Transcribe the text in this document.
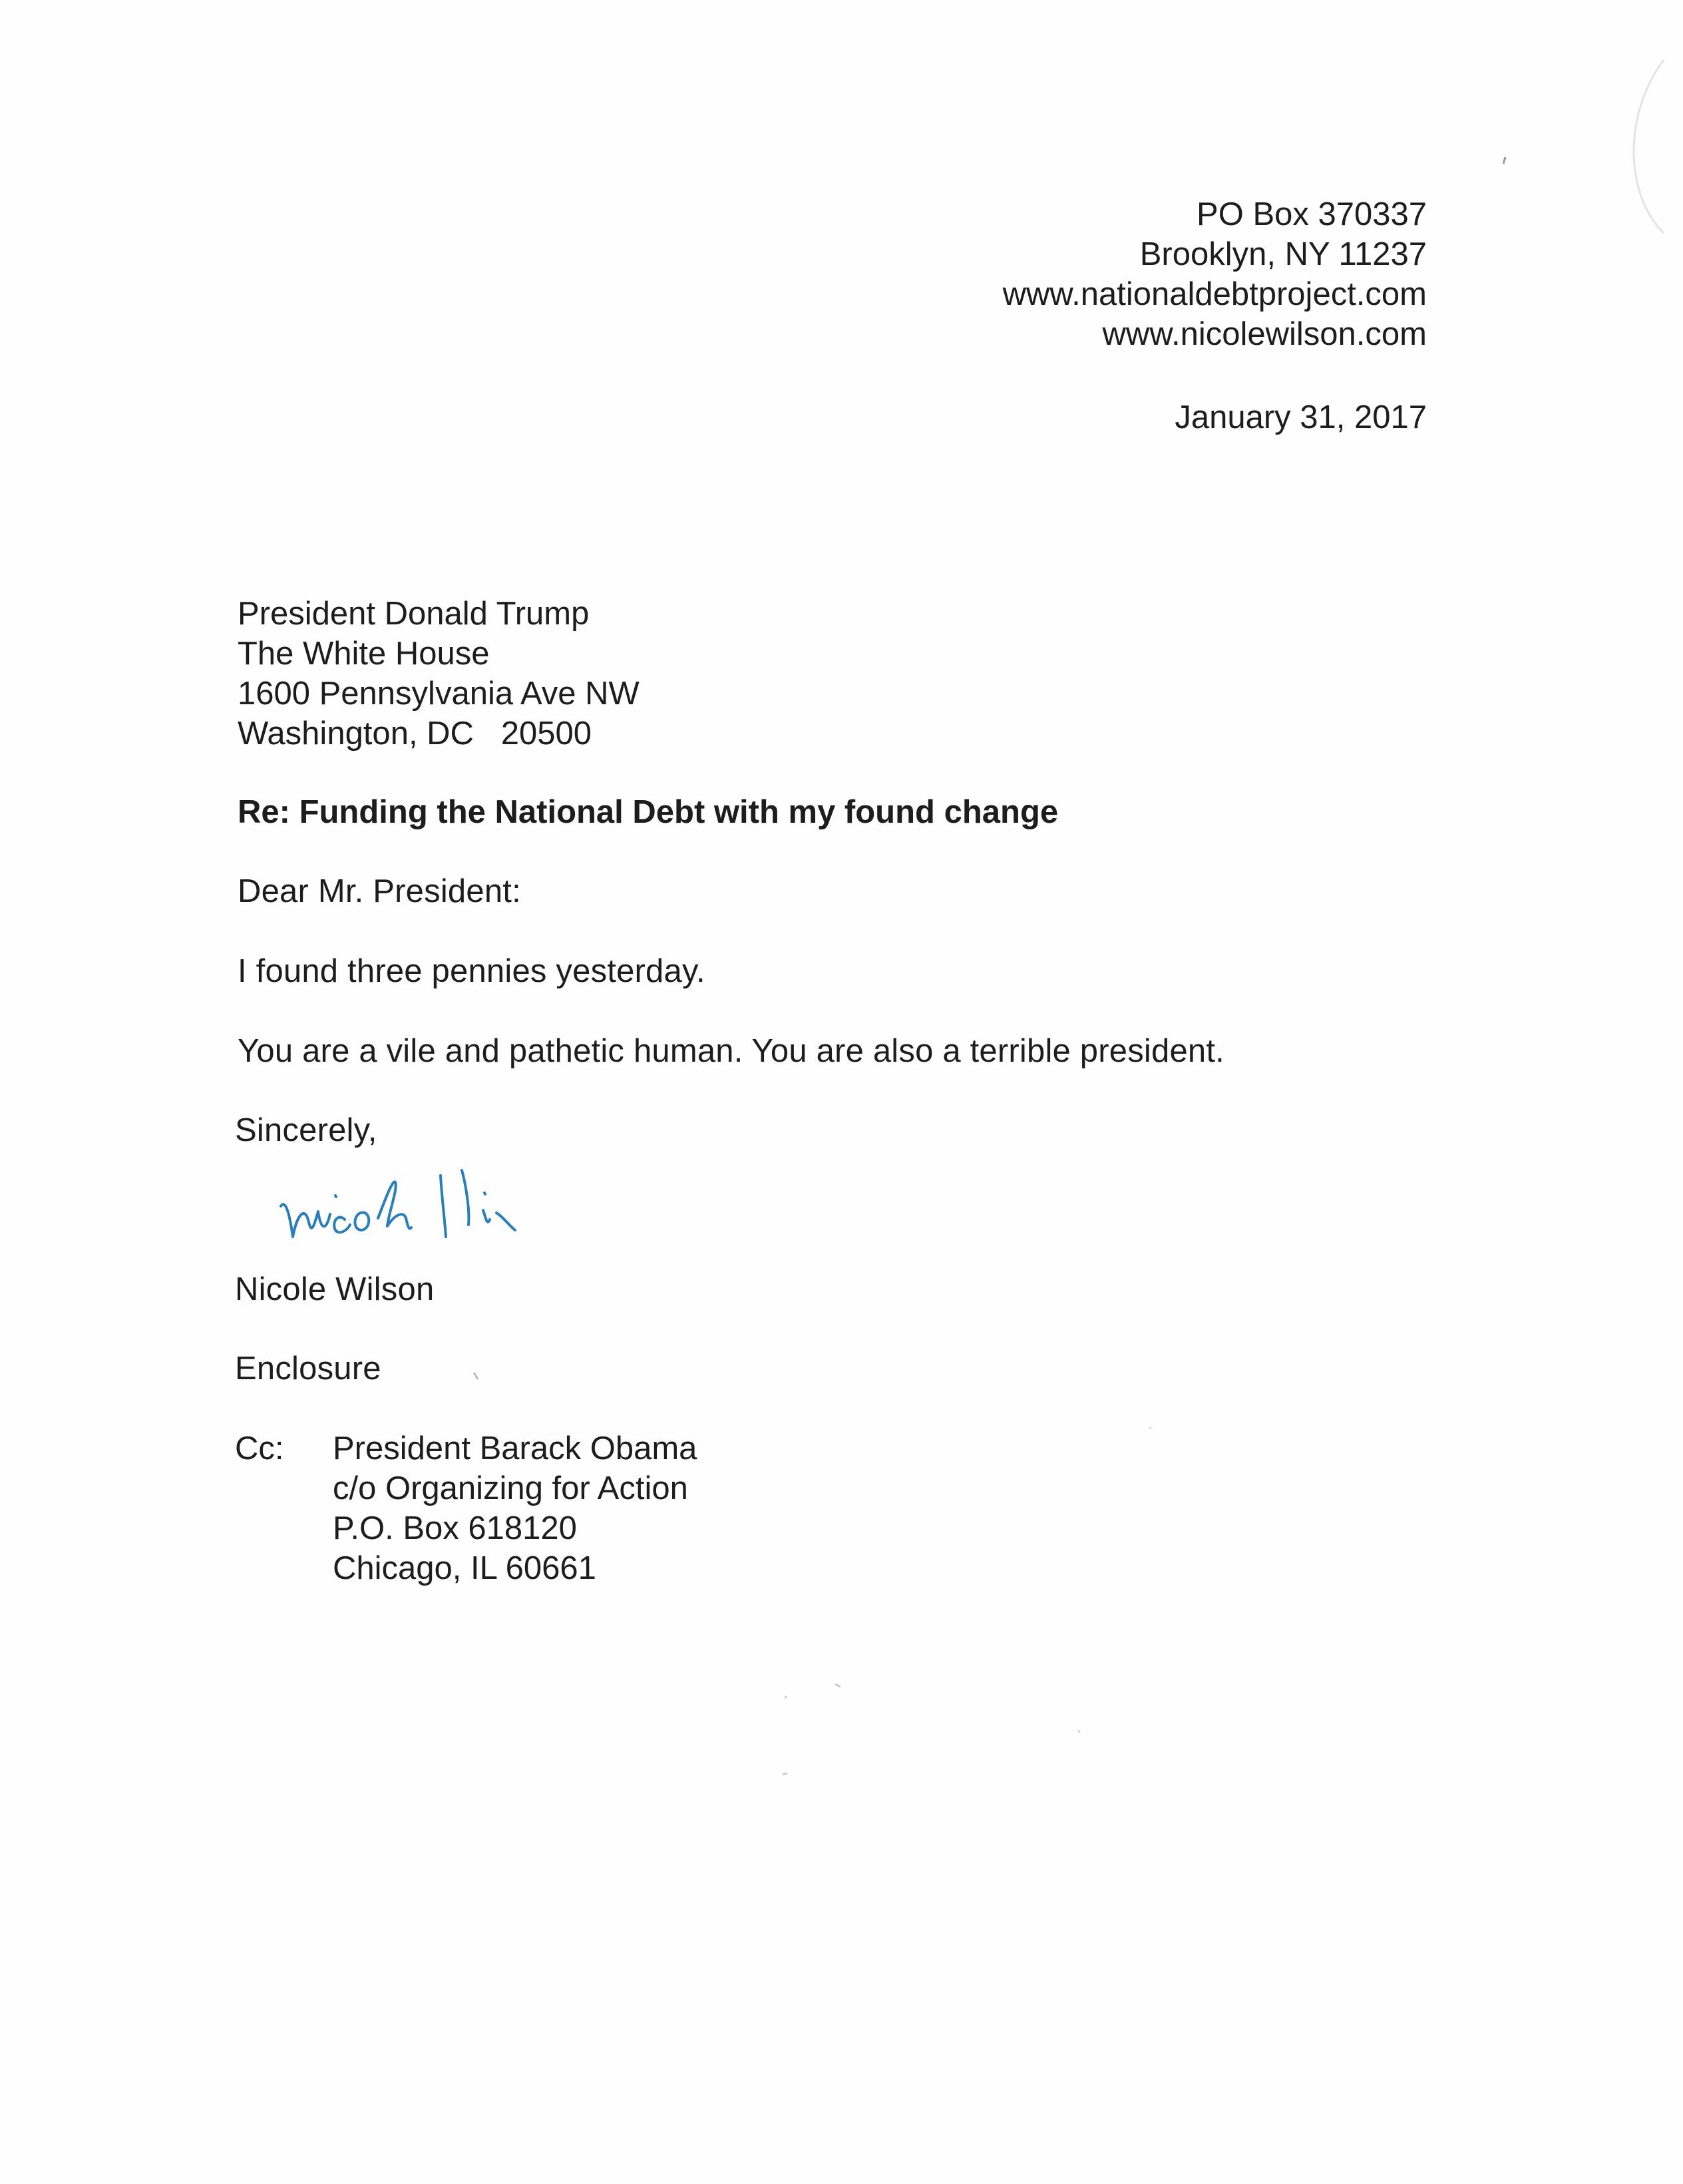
PO Box 370337
Brooklyn, NY 11237
www.nationaldebtproject.com
www.nicolewilson.com
January 31, 2017
President Donald Trump
The White House
1600 Pennsylvania Ave NW
Washington, DC   20500
Re: Funding the National Debt with my found change
Dear Mr. President:
I found three pennies yesterday.
You are a vile and pathetic human. You are also a terrible president.
Sincerely,
Nicole Wilson
Enclosure
Cc: President Barack Obama
c/o Organizing for Action
P.O. Box 618120
Chicago, IL 60661
